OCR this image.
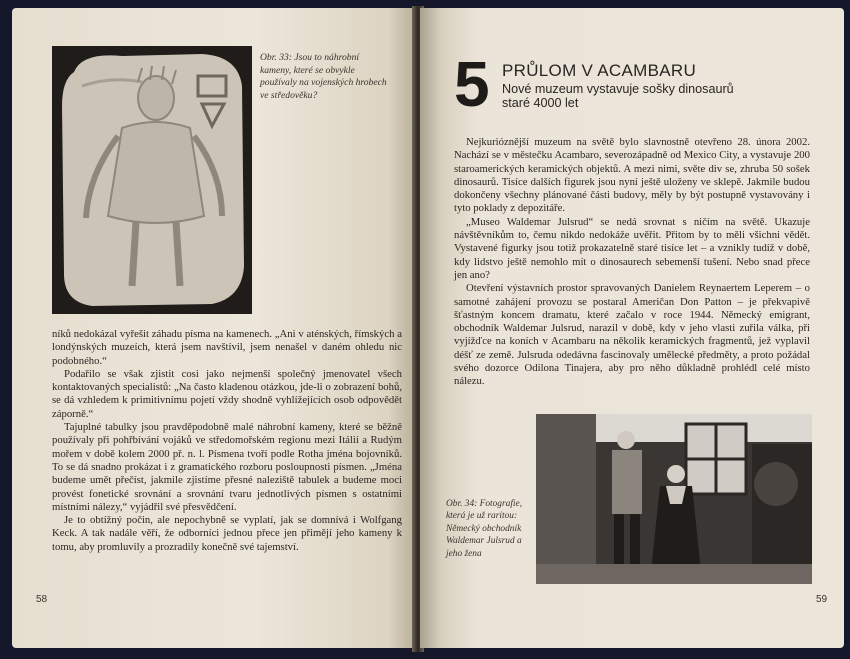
Obr. 33: Jsou to náhrobní kameny, které se obvykle používaly na vojenských hrobech ve středověku?

níků nedokázal vyřešit záhadu písma na kamenech. „Ani v aténských, římských a londýnských muzeích, která jsem navštívil, jsem nenašel v daném ohledu nic podobného.“

Podařilo se však zjistit cosi jako nejmenší společný jmenovatel všech kontaktovaných specialistů: „Na často kladenou otázkou, jde-li o zobrazení bohů, se dá vzhledem k primitivnímu pojetí vždy shodně vyhlížejících osob odpovědět záporně.“

Tajuplné tabulky jsou pravděpodobně malé náhrobní kameny, které se běžně používaly při pohřbívání vojáků ve středomořském regionu mezi Itálií a Rudým mořem v době kolem 2000 př. n. l. Písmena tvoří podle Rotha jména bojovníků. To se dá snadno prokázat i z gramatického rozboru posloupnosti písmen. „Jména budeme umět přečíst, jakmile zjistíme přesné naleziště tabulek a budeme moci provést fonetické srovnání a srovnání tvaru jednotlivých písmen s ostatními místními nálezy,“ vyjádřil své přesvědčení.

Je to obtížný počin, ale nepochybně se vyplatí, jak se domnívá i Wolfgang Keck. A tak nadále věří, že odborníci jednou přece jen přimějí jeho kameny k tomu, aby promluvily a prozradily konečně své tajemství.

58
5 PRŮLOM V ACAMBARU
Nové muzeum vystavuje sošky dinosaurů staré 4000 let

Nejkurióznější muzeum na světě bylo slavnostně otevřeno 28. února 2002. Nachází se v městečku Acambaro, severozápadně od Mexico City, a vystavuje 200 staroamerických keramických objektů. A mezi nimi, světe div se, zhruba 50 sošek dinosaurů. Tisíce dalších figurek jsou nyní ještě uloženy ve sklepě. Jakmile budou dokončeny všechny plánované části budovy, měly by být postupně vystavovány i tyto poklady z depozitáře.

„Museo Waldemar Julsrud“ se nedá srovnat s ničím na světě. Ukazuje návštěvníkům to, čemu nikdo nedokáže uvěřit. Přitom by to měli všichni vědět. Vystavené figurky jsou totiž prokazatelně staré tisíce let – a vznikly tudíž v době, kdy lidstvo ještě nemohlo mít o dinosaurech sebemenší tušení. Nebo snad přece jen ano?

Otevření výstavních prostor spravovaných Danielem Reynaertem Leperem – o samotné zahájení provozu se postaral Američan Don Patton – je překvapivě šťastným koncem dramatu, které začalo v roce 1944. Německý emigrant, obchodník Waldemar Julsrud, narazil v době, kdy v jeho vlasti zuřila válka, při vyjížďce na koních v Acambaru na několik keramických fragmentů, jež vyplavil déšť ze země. Julsruda odedávna fascinovaly umělecké předměty, a proto požádal svého dozorce Odilona Tinajera, aby pro něho důkladně prohlédl celé místo nálezu.

Obr. 34: Fotografie, která je už raritou: Německý obchodník Waldemar Julsrud a jeho žena
59
